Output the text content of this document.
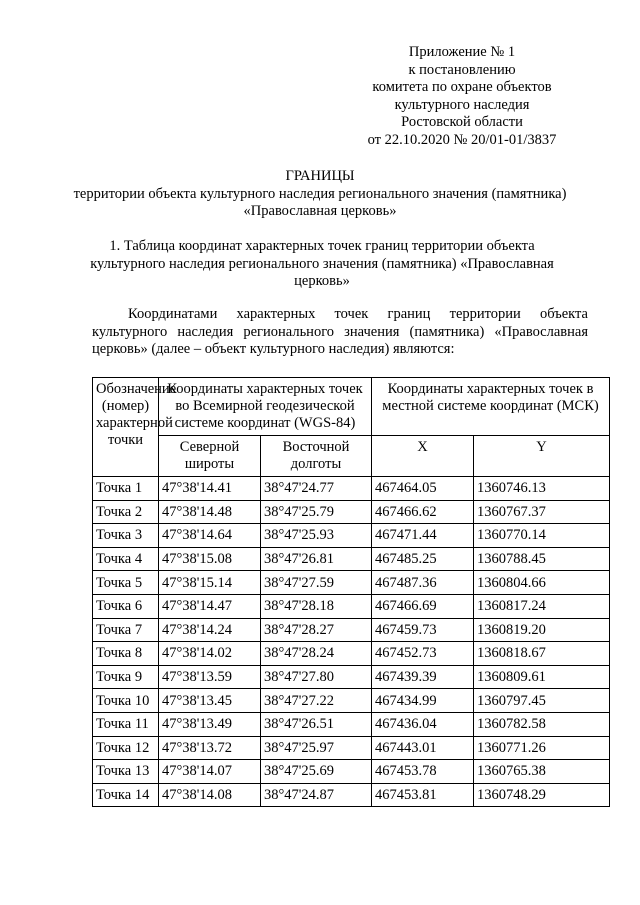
Приложение № 1
к постановлению
комитета по охране объектов
культурного наследия
Ростовской области
от 22.10.2020 № 20/01-01/3837
ГРАНИЦЫ
территории объекта культурного наследия регионального значения (памятника)
«Православная церковь»
1. Таблица координат характерных точек границ территории объекта культурного наследия регионального значения (памятника) «Православная церковь»
Координатами характерных точек границ территории объекта культурного наследия регионального значения (памятника) «Православная церковь» (далее – объект культурного наследия) являются:
Обозначение (номер) характерной точки	Координаты характерных точек во Всемирной геодезической системе координат (WGS-84)		Координаты характерных точек в местной системе координат (МСК)	
	Северной широты	Восточной долготы	X	Y
Точка 1	47°38'14.41	38°47'24.77	467464.05	1360746.13
Точка 2	47°38'14.48	38°47'25.79	467466.62	1360767.37
Точка 3	47°38'14.64	38°47'25.93	467471.44	1360770.14
Точка 4	47°38'15.08	38°47'26.81	467485.25	1360788.45
Точка 5	47°38'15.14	38°47'27.59	467487.36	1360804.66
Точка 6	47°38'14.47	38°47'28.18	467466.69	1360817.24
Точка 7	47°38'14.24	38°47'28.27	467459.73	1360819.20
Точка 8	47°38'14.02	38°47'28.24	467452.73	1360818.67
Точка 9	47°38'13.59	38°47'27.80	467439.39	1360809.61
Точка 10	47°38'13.45	38°47'27.22	467434.99	1360797.45
Точка 11	47°38'13.49	38°47'26.51	467436.04	1360782.58
Точка 12	47°38'13.72	38°47'25.97	467443.01	1360771.26
Точка 13	47°38'14.07	38°47'25.69	467453.78	1360765.38
Точка 14	47°38'14.08	38°47'24.87	467453.81	1360748.29
